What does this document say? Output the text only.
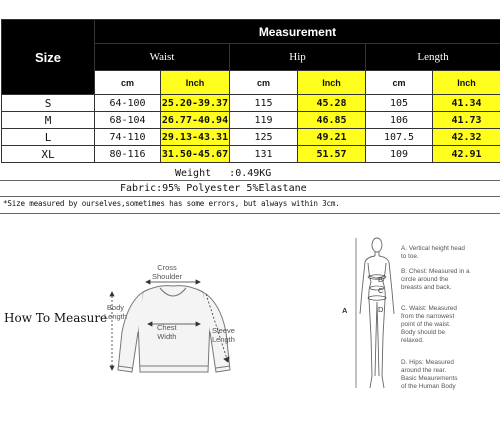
Size	Measurement					
	Waist		Hip		Length	
	cm	Inch	cm	Inch	cm	Inch
S	64-100	25.20-39.37	115	45.28	105	41.34
M	68-104	26.77-40.94	119	46.85	106	41.73
L	74-110	29.13-43.31	125	49.21	107.5	42.32
XL	80-116	31.50-45.67	131	51.57	109	42.91
Weight   :0.49KG
Fabric:95% Polyester 5%Elastane
*Size measured by ourselves,sometimes has some errors, but always within 3cm.
How To Measure
Cross
Shoulder
Body
Length
Chest
Width
Sleeve
Length
A
B
C
D
A. Vertical height head
to toe.
B. Chest: Measured in a
circle around the
breasts and back.
C. Waist: Measured
from the narrowest
point of the waist.
Body should be
relaxed.
D. Hips: Measured
around the rear.
Basic Meaurements
of the Human Body
